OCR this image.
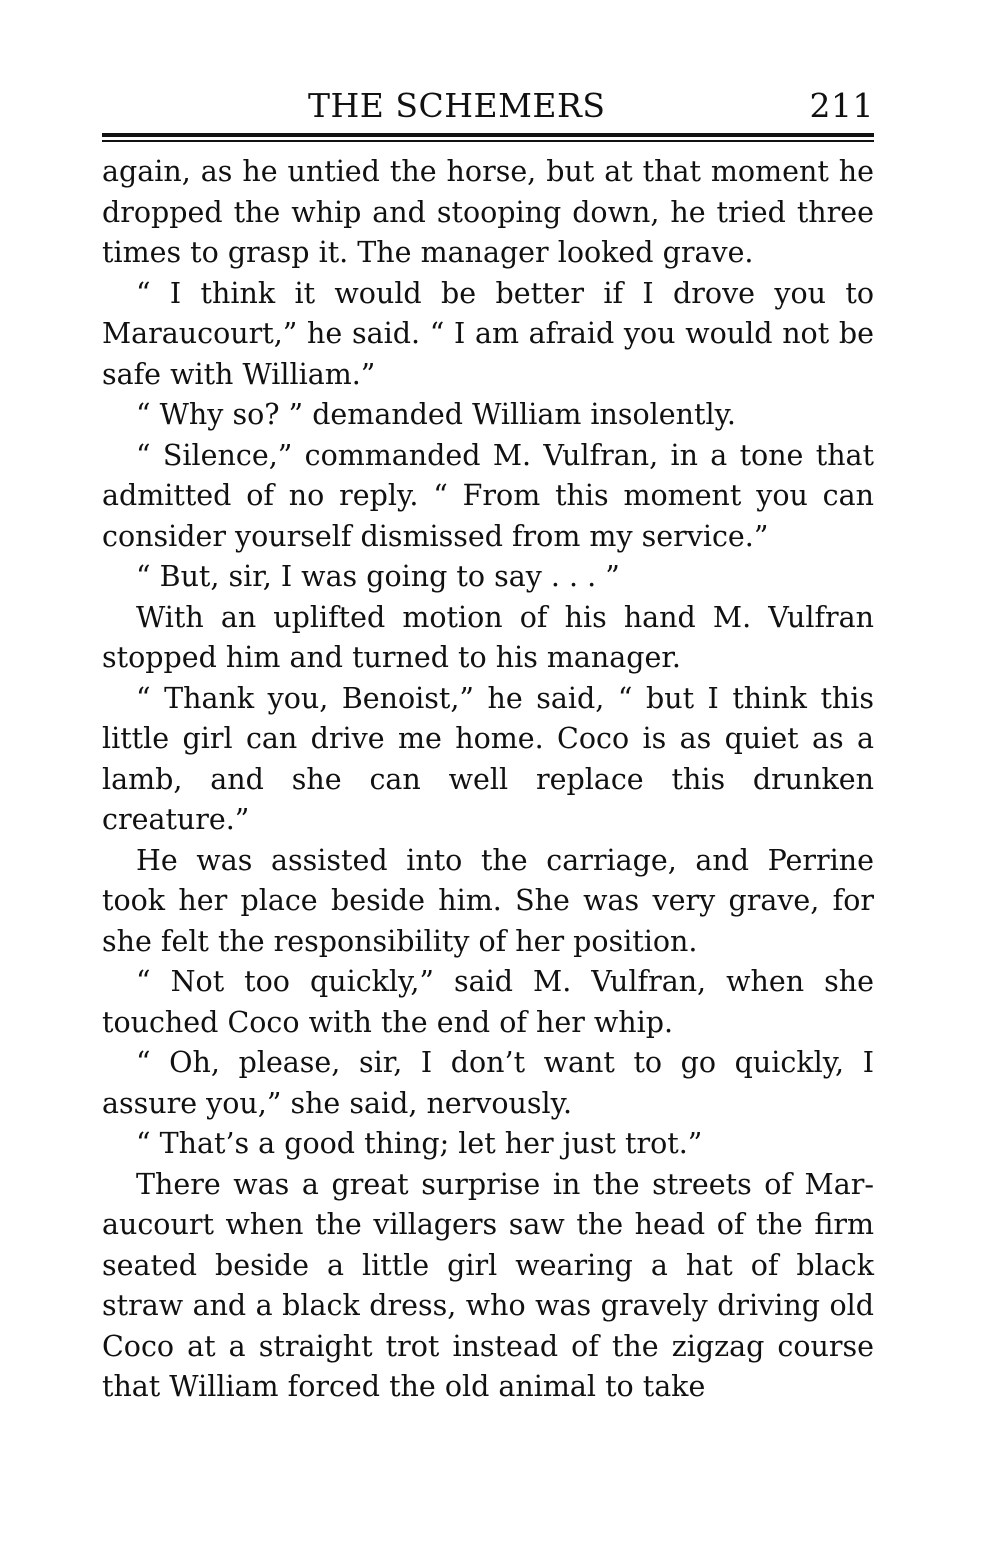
THE SCHEMERS	211

again, as he untied the horse, but at that moment he dropped the whip and stooping down, he tried three times to grasp it. The manager looked grave.

“ I think it would be better if I drove you to Maraucourt,” he said. “ I am afraid you would not be safe with William.”

“ Why so? ” demanded William insolently.

“ Silence,” commanded M. Vulfran, in a tone that admitted of no reply. “ From this moment you can consider yourself dismissed from my service.”

“ But, sir, I was going to say . . . ”

With an uplifted motion of his hand M. Vulfran stopped him and turned to his manager.

“ Thank you, Benoist,” he said, “ but I think this little girl can drive me home. Coco is as quiet as a lamb, and she can well replace this drunken creature.”

He was assisted into the carriage, and Perrine took her place beside him. She was very grave, for she felt the responsibility of her position.

“ Not too quickly,” said M. Vulfran, when she touched Coco with the end of her whip.

“ Oh, please, sir, I don’t want to go quickly, I assure you,” she said, nervously.

“ That’s a good thing; let her just trot.”

There was a great surprise in the streets of Maraucourt when the villagers saw the head of the firm seated beside a little girl wearing a hat of black straw and a black dress, who was gravely driving old Coco at a straight trot instead of the zigzag course that William forced the old animal to take
